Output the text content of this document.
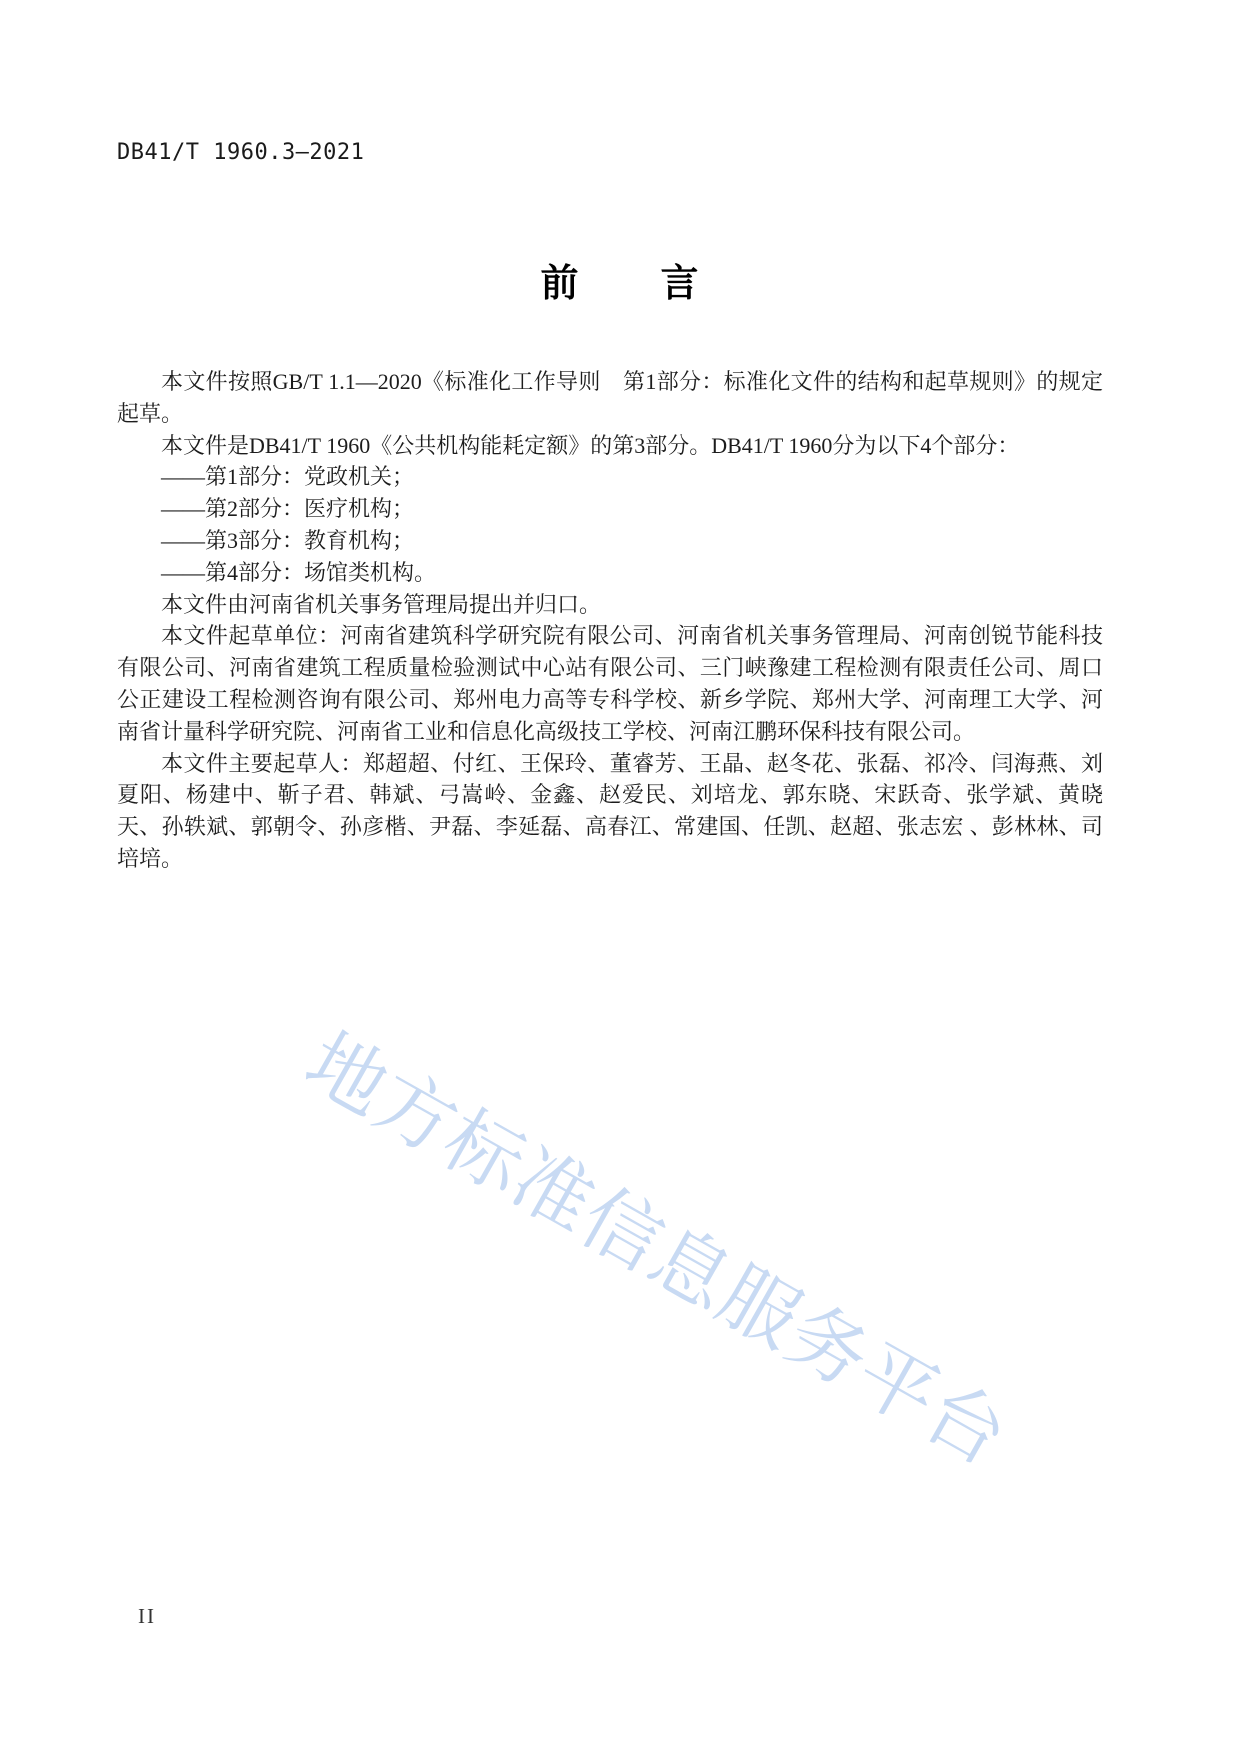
DB41/T 1960.3—2021
前　　言

本文件按照GB/T 1.1—2020《标准化工作导则　第1部分：标准化文件的结构和起草规则》的规定起草。

本文件是DB41/T 1960《公共机构能耗定额》的第3部分。DB41/T 1960分为以下4个部分：

——第1部分：党政机关；

——第2部分：医疗机构；

——第3部分：教育机构；

——第4部分：场馆类机构。

本文件由河南省机关事务管理局提出并归口。

本文件起草单位：河南省建筑科学研究院有限公司、河南省机关事务管理局、河南创锐节能科技有限公司、河南省建筑工程质量检验测试中心站有限公司、三门峡豫建工程检测有限责任公司、周口公正建设工程检测咨询有限公司、郑州电力高等专科学校、新乡学院、郑州大学、河南理工大学、河南省计量科学研究院、河南省工业和信息化高级技工学校、河南江鹏环保科技有限公司。

本文件主要起草人：郑超超、付红、王保玲、董睿芳、王晶、赵冬花、张磊、祁冷、闫海燕、刘夏阳、杨建中、靳子君、韩斌、弓嵩岭、金鑫、赵爱民、刘培龙、郭东晓、宋跃奇、张学斌、黄晓天、孙轶斌、郭朝令、孙彦楷、尹磊、李延磊、高春江、常建国、任凯、赵超、张志宏 、彭林林、司培培。

地方标准信息服务平台
II
